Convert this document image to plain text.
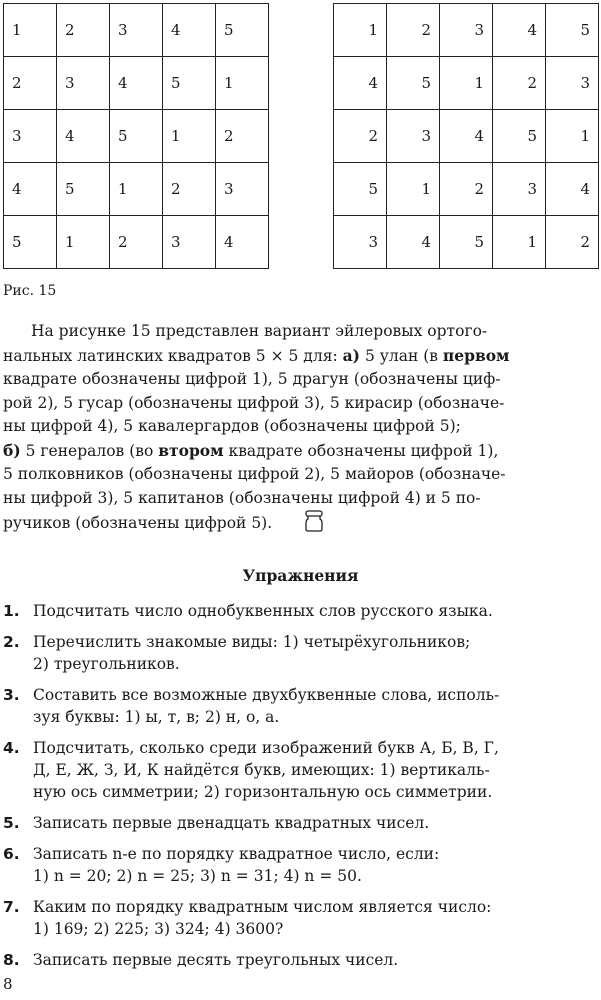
1	2	3	4	5
2	3	4	5	1
3	4	5	1	2
4	5	1	2	3
5	1	2	3	4
1	2	3	4	5
4	5	1	2	3
2	3	4	5	1
5	1	2	3	4
3	4	5	1	2
Рис. 15

На рисунке 15 представлен вариант эйлеровых ортого-
нальных латинских квадратов 5 × 5 для: а) 5 улан (в первом
квадрате обозначены цифрой 1), 5 драгун (обозначены циф-
рой 2), 5 гусар (обозначены цифрой 3), 5 кирасир (обозначе-
ны цифрой 4), 5 кавалергардов (обозначены цифрой 5);
б) 5 генералов (во втором квадрате обозначены цифрой 1),
5 полковников (обозначены цифрой 2), 5 майоров (обозначе-
ны цифрой 3), 5 капитанов (обозначены цифрой 4) и 5 по-
ручиков (обозначены цифрой 5).

Упражнения
1. Подсчитать число однобуквенных слов русского языка.
2. Перечислить знакомые виды: 1) четырёхугольников;
2) треугольников.
3. Составить все возможные двухбуквенные слова, исполь-
зуя буквы: 1) ы, т, в; 2) н, о, а.
4. Подсчитать, сколько среди изображений букв А, Б, В, Г,
Д, Е, Ж, З, И, К найдётся букв, имеющих: 1) вертикаль-
ную ось симметрии; 2) горизонтальную ось симметрии.
5. Записать первые двенадцать квадратных чисел.
6. Записать n-е по порядку квадратное число, если:
1) n = 20; 2) n = 25; 3) n = 31; 4) n = 50.
7. Каким по порядку квадратным числом является число:
1) 169; 2) 225; 3) 324; 4) 3600?
8. Записать первые десять треугольных чисел.
8
